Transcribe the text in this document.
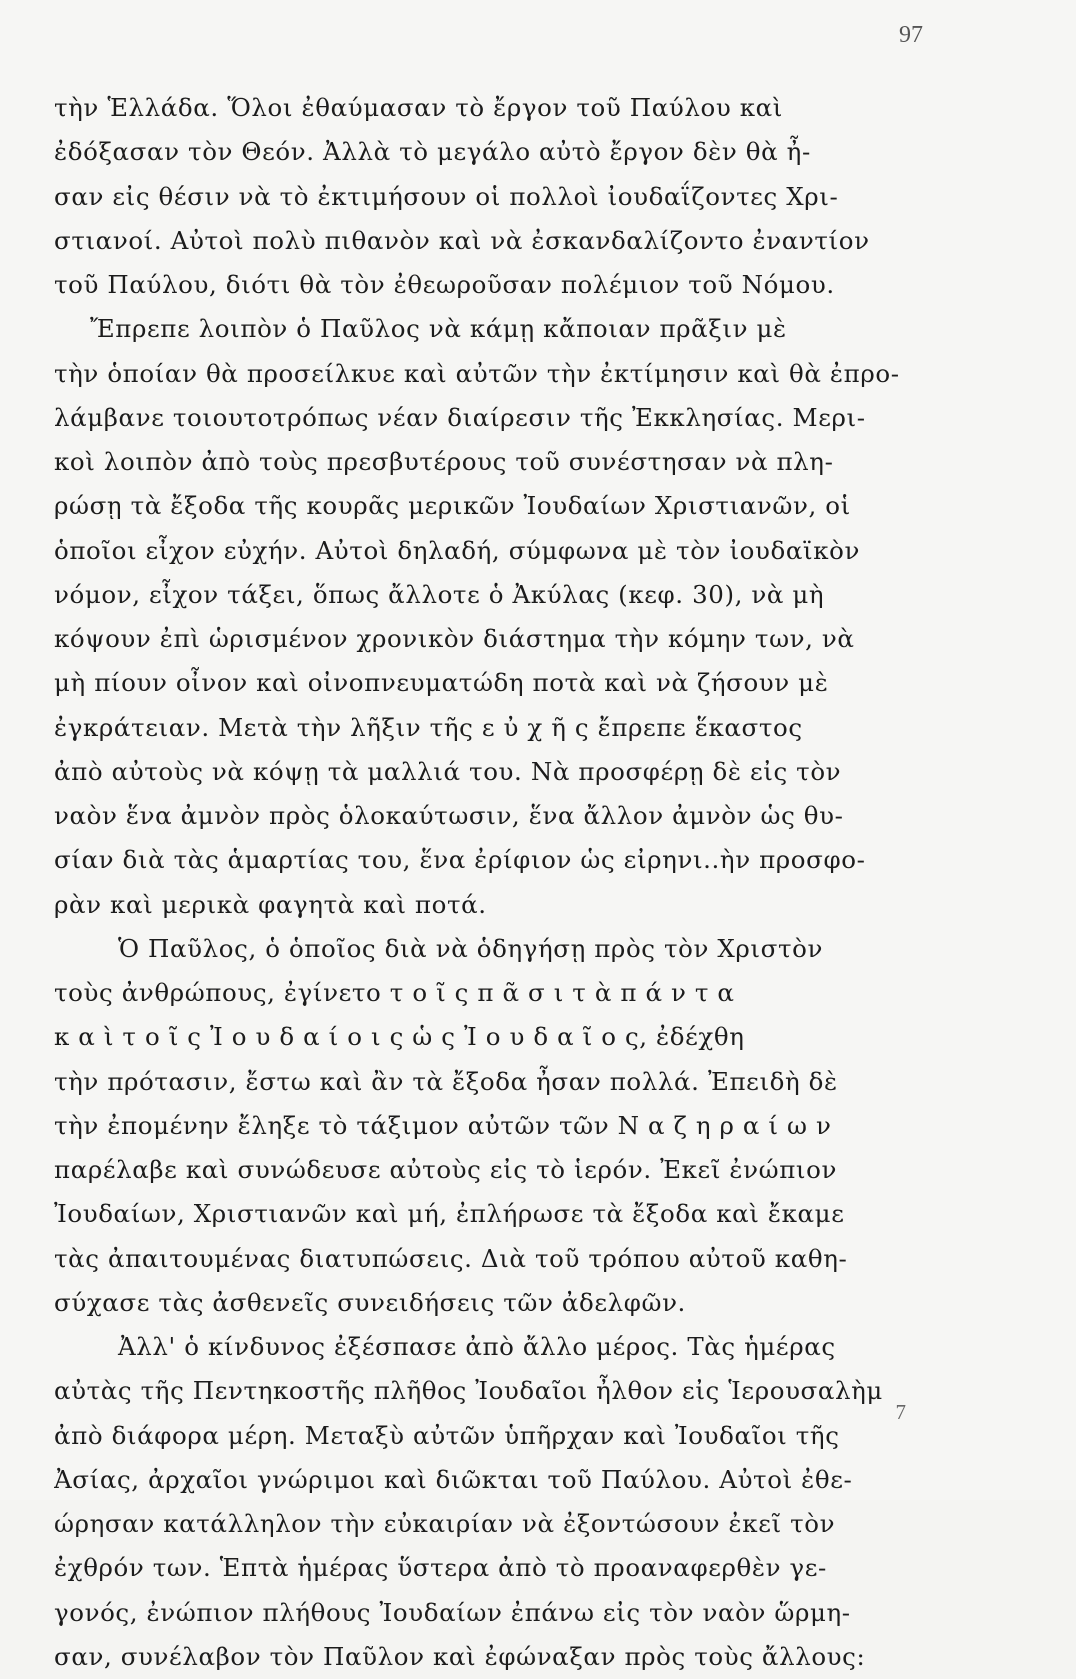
97
τὴν Ἑλλάδα. Ὅλοι ἐθαύμασαν τὸ ἔργον τοῦ Παύλου καὶ
ἐδόξασαν τὸν Θεόν. Ἀλλὰ τὸ μεγάλο αὐτὸ ἔργον δὲν θὰ ἦ-
σαν εἰς θέσιν νὰ τὸ ἐκτιμήσουν οἱ πολλοὶ ἰουδαΐζοντες Χρι-
στιανοί. Αὐτοὶ πολὺ πιθανὸν καὶ νὰ ἐσκανδαλίζοντο ἐναντίον
τοῦ Παύλου, διότι θὰ τὸν ἐθεωροῦσαν πολέμιον τοῦ Νόμου.
Ἔπρεπε λοιπὸν ὁ Παῦλος νὰ κάμῃ κἄποιαν πρᾶξιν μὲ
τὴν ὁποίαν θὰ προσείλκυε καὶ αὐτῶν τὴν ἐκτίμησιν καὶ θὰ ἐπρο-
λάμβανε τοιουτοτρόπως νέαν διαίρεσιν τῆς Ἐκκλησίας. Μερι-
κοὶ λοιπὸν ἀπὸ τοὺς πρεσβυτέρους τοῦ συνέστησαν νὰ πλη-
ρώσῃ τὰ ἔξοδα τῆς κουρᾶς μερικῶν Ἰουδαίων Χριστιανῶν, οἱ
ὁποῖοι εἶχον εὐχήν. Αὐτοὶ δηλαδή, σύμφωνα μὲ τὸν ἰουδαϊκὸν
νόμον, εἶχον τάξει, ὅπως ἄλλοτε ὁ Ἀκύλας (κεφ. 30), νὰ μὴ
κόψουν ἐπὶ ὡρισμένον χρονικὸν διάστημα τὴν κόμην των, νὰ
μὴ πίουν οἶνον καὶ οἰνοπνευματώδη ποτὰ καὶ νὰ ζήσουν μὲ
ἐγκράτειαν. Μετὰ τὴν λῆξιν τῆς ε ὐ χ ῆ ς ἔπρεπε ἕκαστος
ἀπὸ αὐτοὺς νὰ κόψῃ τὰ μαλλιά του. Νὰ προσφέρῃ δὲ εἰς τὸν
ναὸν ἕνα ἀμνὸν πρὸς ὁλοκαύτωσιν, ἕνα ἄλλον ἀμνὸν ὡς θυ-
σίαν διὰ τὰς ἁμαρτίας του, ἕνα ἐρίφιον ὡς εἰρηνι..ὴν προσφο-
ρὰν καὶ μερικὰ φαγητὰ καὶ ποτά.
Ὁ Παῦλος, ὁ ὁποῖος διὰ νὰ ὁδηγήσῃ πρὸς τὸν Χριστὸν
τοὺς ἀνθρώπους, ἐγίνετο τ ο ῖ ς π ᾶ σ ι τ ὰ π ά ν τ α
κ α ὶ τ ο ῖ ς Ἰ ο υ δ α ί ο ι ς ὡ ς Ἰ ο υ δ α ῖ ο ς, ἐδέχθη
τὴν πρότασιν, ἔστω καὶ ἂν τὰ ἔξοδα ἦσαν πολλά. Ἐπειδὴ δὲ
τὴν ἐπομένην ἔληξε τὸ τάξιμον αὐτῶν τῶν Ν α ζ η ρ α ί ω ν
παρέλαβε καὶ συνώδευσε αὐτοὺς εἰς τὸ ἱερόν. Ἐκεῖ ἐνώπιον
Ἰουδαίων, Χριστιανῶν καὶ μή, ἐπλήρωσε τὰ ἔξοδα καὶ ἔκαμε
τὰς ἀπαιτουμένας διατυπώσεις. Διὰ τοῦ τρόπου αὐτοῦ καθη-
σύχασε τὰς ἀσθενεῖς συνειδήσεις τῶν ἀδελφῶν.
Ἀλλ' ὁ κίνδυνος ἐξέσπασε ἀπὸ ἄλλο μέρος. Τὰς ἡμέρας
αὐτὰς τῆς Πεντηκοστῆς πλῆθος Ἰουδαῖοι ἦλθον εἰς Ἱερουσαλὴμ
ἀπὸ διάφορα μέρη. Μεταξὺ αὐτῶν ὑπῆρχαν καὶ Ἰουδαῖοι τῆς
Ἀσίας, ἀρχαῖοι γνώριμοι καὶ διῶκται τοῦ Παύλου. Αὐτοὶ ἐθε-
ώρησαν κατάλληλον τὴν εὐκαιρίαν νὰ ἐξοντώσουν ἐκεῖ τὸν
ἐχθρόν των. Ἑπτὰ ἡμέρας ὕστερα ἀπὸ τὸ προαναφερθὲν γε-
γονός, ἐνώπιον πλήθους Ἰουδαίων ἐπάνω εἰς τὸν ναὸν ὥρμη-
σαν, συνέλαβον τὸν Παῦλον καὶ ἐφώναξαν πρὸς τοὺς ἄλλους:
7
